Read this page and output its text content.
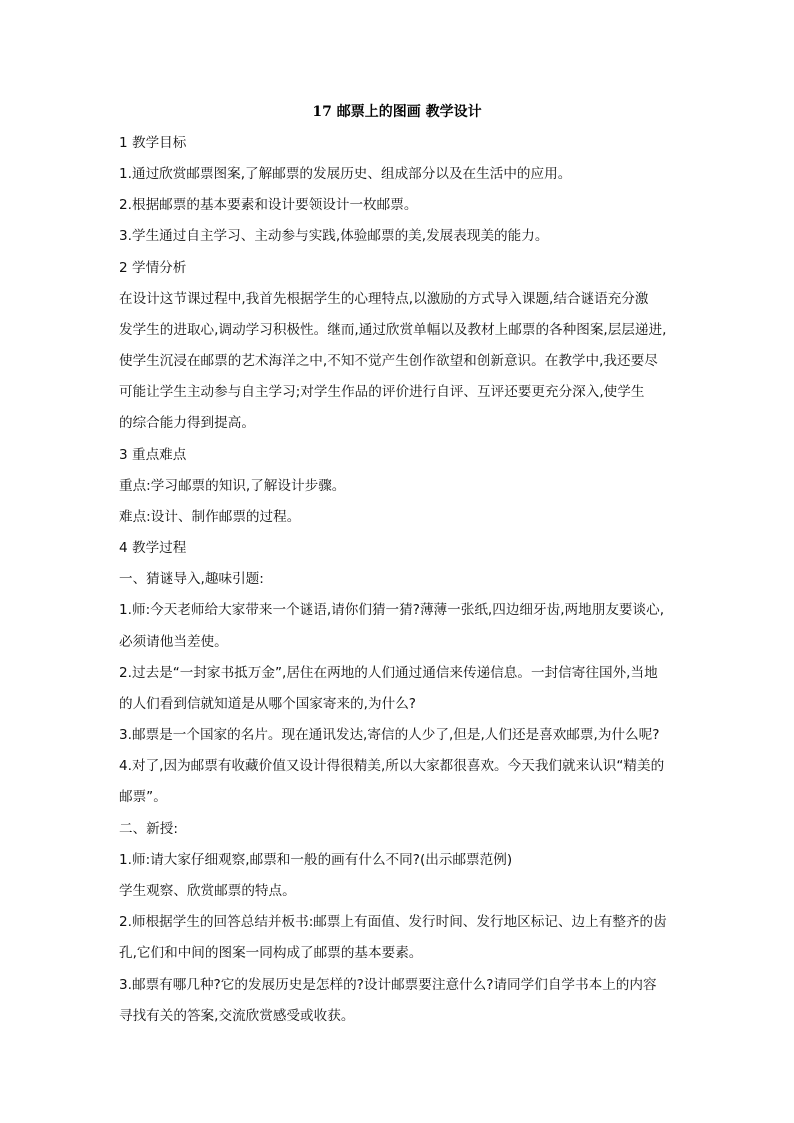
17 邮票上的图画 教学设计
1 教学目标
1.通过欣赏邮票图案,了解邮票的发展历史、组成部分以及在生活中的应用。
2.根据邮票的基本要素和设计要领设计一枚邮票。
3.学生通过自主学习、主动参与实践,体验邮票的美,发展表现美的能力。
2 学情分析
在设计这节课过程中,我首先根据学生的心理特点,以激励的方式导入课题,结合谜语充分激
发学生的进取心,调动学习积极性。继而,通过欣赏单幅以及教材上邮票的各种图案,层层递进,
使学生沉浸在邮票的艺术海洋之中,不知不觉产生创作欲望和创新意识。在教学中,我还要尽
可能让学生主动参与自主学习;对学生作品的评价进行自评、互评还要更充分深入,使学生
的综合能力得到提高。
3 重点难点
重点:学习邮票的知识,了解设计步骤。
难点:设计、制作邮票的过程。
4 教学过程
一、猜谜导入,趣味引题:
1.师:今天老师给大家带来一个谜语,请你们猜一猜?薄薄一张纸,四边细牙齿,两地朋友要谈心,
必须请他当差使。
2.过去是“一封家书抵万金”,居住在两地的人们通过通信来传递信息。一封信寄往国外,当地
的人们看到信就知道是从哪个国家寄来的,为什么?
3.邮票是一个国家的名片。现在通讯发达,寄信的人少了,但是,人们还是喜欢邮票,为什么呢?
4.对了,因为邮票有收藏价值又设计得很精美,所以大家都很喜欢。今天我们就来认识“精美的
邮票”。
二、新授:
1.师:请大家仔细观察,邮票和一般的画有什么不同?(出示邮票范例)
学生观察、欣赏邮票的特点。
2.师根据学生的回答总结并板书:邮票上有面值、发行时间、发行地区标记、边上有整齐的齿
孔,它们和中间的图案一同构成了邮票的基本要素。
3.邮票有哪几种?它的发展历史是怎样的?设计邮票要注意什么?请同学们自学书本上的内容
寻找有关的答案,交流欣赏感受或收获。
